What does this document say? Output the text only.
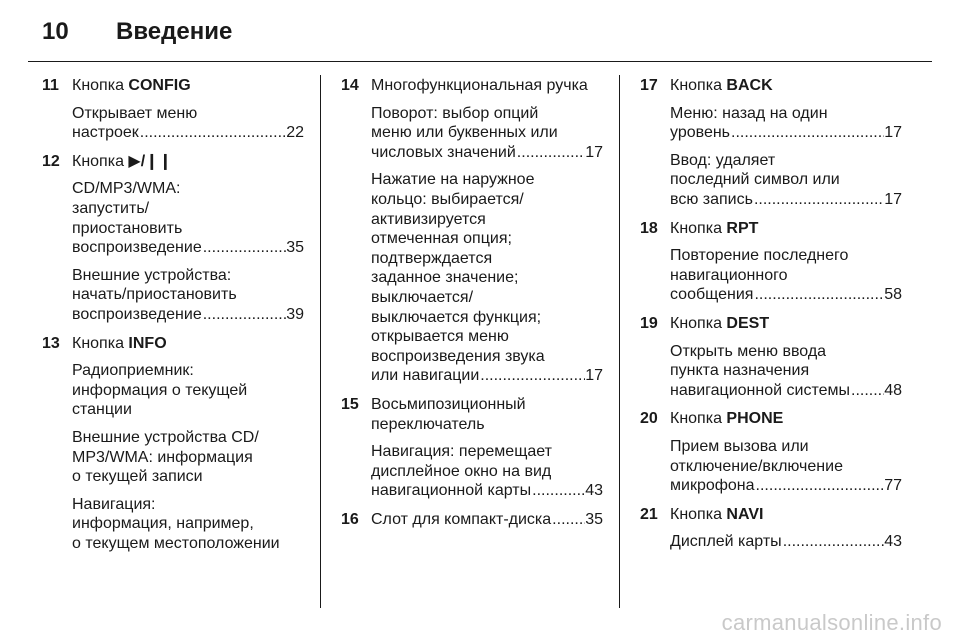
10	Введение
11 Кнопка CONFIG
Открывает меню
настроек .....	22
12 Кнопка ▶/❙❙
CD/MP3/WMA:
запустить/
приостановить
воспроизведение .....	35
Внешние устройства:
начать/приостановить
воспроизведение .....	39
13 Кнопка INFO
Радиоприемник:
информация о текущей
станции
Внешние устройства CD/
MP3/WMA: информация
о текущей записи
Навигация:
информация, например,
о текущем местоположении
14 Многофункциональная ручка
Поворот: выбор опций
меню или буквенных или
числовых значений .....	17
Нажатие на наружное
кольцо: выбирается/
активизируется
отмеченная опция;
подтверждается
заданное значение;
выключается/
выключается функция;
открывается меню
воспроизведения звука
или навигации .....	17
15 Восьмипозиционный
переключатель
Навигация: перемещает
дисплейное окно на вид
навигационной карты .....	43
16 Слот для компакт-диска ..... 35
17 Кнопка BACK
Меню: назад на один
уровень .....	17
Ввод: удаляет
последний символ или
всю запись .....	17
18 Кнопка RPT
Повторение последнего
навигационного
сообщения .....	58
19 Кнопка DEST
Открыть меню ввода
пункта назначения
навигационной системы ..... 48
20 Кнопка PHONE
Прием вызова или
отключение/включение
микрофона .....	77
21 Кнопка NAVI
Дисплей карты .....	43
carmanualsonline.info
